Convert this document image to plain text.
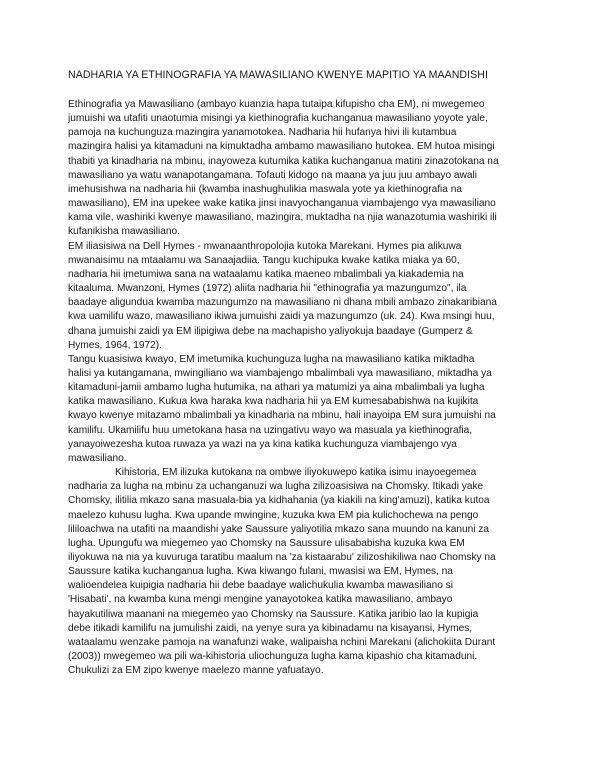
NADHARIA YA ETHINOGRAFIA YA MAWASILIANO KWENYE MAPITIO YA MAANDISHI
Ethinografia ya Mawasiliano (ambayo kuanzia hapa tutaipa kifupisho cha EM), ni mwegemeo
jumuishi wa utafiti unaotumia misingi ya kiethinografia kuchanganua mawasiliano yoyote yale,
pamoja na kuchunguza mazingira yanamotokea. Nadharia hii hufanya hivi ili kutambua
mazingira halisi ya kitamaduni na kimuktadha ambamo mawasiliano hutokea. EM hutoa misingi
thabiti ya kinadharia na mbinu, inayoweza kutumika katika kuchanganua matini zinazotokana na
mawasiliano ya watu wanapotangamana. Tofauti kidogo na maana ya juu juu ambayo awali
imehusishwa na nadharia hii (kwamba inashughulikia maswala yote ya kiethinografia na
mawasiliano), EM ina upekee wake katika jinsi inavyochanganua viambajengo vya mawasiliano
kama vile, washiriki kwenye mawasiliano, mazingira, muktadha na njia wanazotumia washiriki ili
kufanikisha mawasiliano.
EM iliasisiwa na Dell Hymes - mwanaanthropolojia kutoka Marekani. Hymes pia alikuwa
mwanaisimu na mtaalamu wa Sanaajadiia. Tangu kuchipuka kwake katika miaka ya 60,
nadharia hii imetumiwa sana na wataalamu katika maeneo mbalimbali ya kiakademia na
kitaaluma. Mwanzoni, Hymes (1972) aliita nadharia hii "ethinografia ya mazungumzo", ila
baadaye aligundua kwamba mazungumzo na mawasiliano ni dhana mbili ambazo zinakaribiana
kwa uamilifu wazo, mawasiliano ikiwa jumuishi zaidi ya mazungumzo (uk. 24). Kwa msingi huu,
dhana jumuishi zaidi ya EM ilipigiwa debe na machapisho yaliyokuja baadaye (Gumperz &
Hymes, 1964, 1972).
Tangu kuasisiwa kwayo, EM imetumika kuchunguza lugha na mawasiliano katika miktadha
halisi ya kutangamana, mwingiliano wa viambajengo mbalimbali vya mawasiliano, miktadha ya
kitamaduni-jamii ambamo lugha hutumika, na athari ya matumizi ya aina mbalimbali ya lugha
katika mawasiliano. Kukua kwa haraka kwa nadharia hii ya EM kumesababishwa na kujikita
kwayo kwenye mitazamo mbalimbali ya kinadharia na mbinu, hali inayoipa EM sura jumuishi na
kamilifu. Ukamilifu huu umetokana hasa na uzingativu wayo wa masuala ya kiethinografia,
yanayoiwezesha kutoa ruwaza ya wazi na ya kina katika kuchunguza viambajengo vya
mawasiliano.
Kihistoria, EM ilizuka kutokana na ombwe iliyokuwepo katika isimu inayoegemea
nadharia za lugha na mbinu za uchanganuzi wa lugha zilizoasisiwa na Chomsky. Itikadi yake
Chomsky, ilitilia mkazo sana masuala-bia ya kidhahania (ya kiakili na king'amuzi), katika kutoa
maelezo kuhusu lugha. Kwa upande mwingine, kuzuka kwa EM pia kulichochewa na pengo
lililoachwa na utafiti na maandishi yake Saussure yaliyotilia mkazo sana muundo na kanuni za
lugha. Upungufu wa miegemeo yao Chomsky na Saussure ulisababisha kuzuka kwa EM
iliyokuwa na nia ya kuvuruga taratibu maalum na 'za kistaarabu' zilizoshikiliwa nao Chomsky na
Saussure katika kuchanganua lugha. Kwa kiwango fulani, mwasisi wa EM, Hymes, na
walioendelea kuipigia nadharia hii debe baadaye walichukulia kwamba mawasiliano si
'Hisabati', na kwamba kuna mengi mengine yanayotokea katika mawasiliano, ambayo
hayakutiliwa maanani na miegemeo yao Chomsky na Saussure. Katika jaribio lao la kupigia
debe itikadi kamilifu na jumulishi zaidi, na yenye sura ya kibinadamu na kisayansi, Hymes,
wataalamu wenzake pamoja na wanafunzi wake, walipaisha nchini Marekani (alichokiita Durant
(2003)) mwegemeo wa pili wa-kihistoria uliochunguza lugha kama kipashio cha kitamaduni.
Chukulizi za EM zipo kwenye maelezo manne yafuatayo.
